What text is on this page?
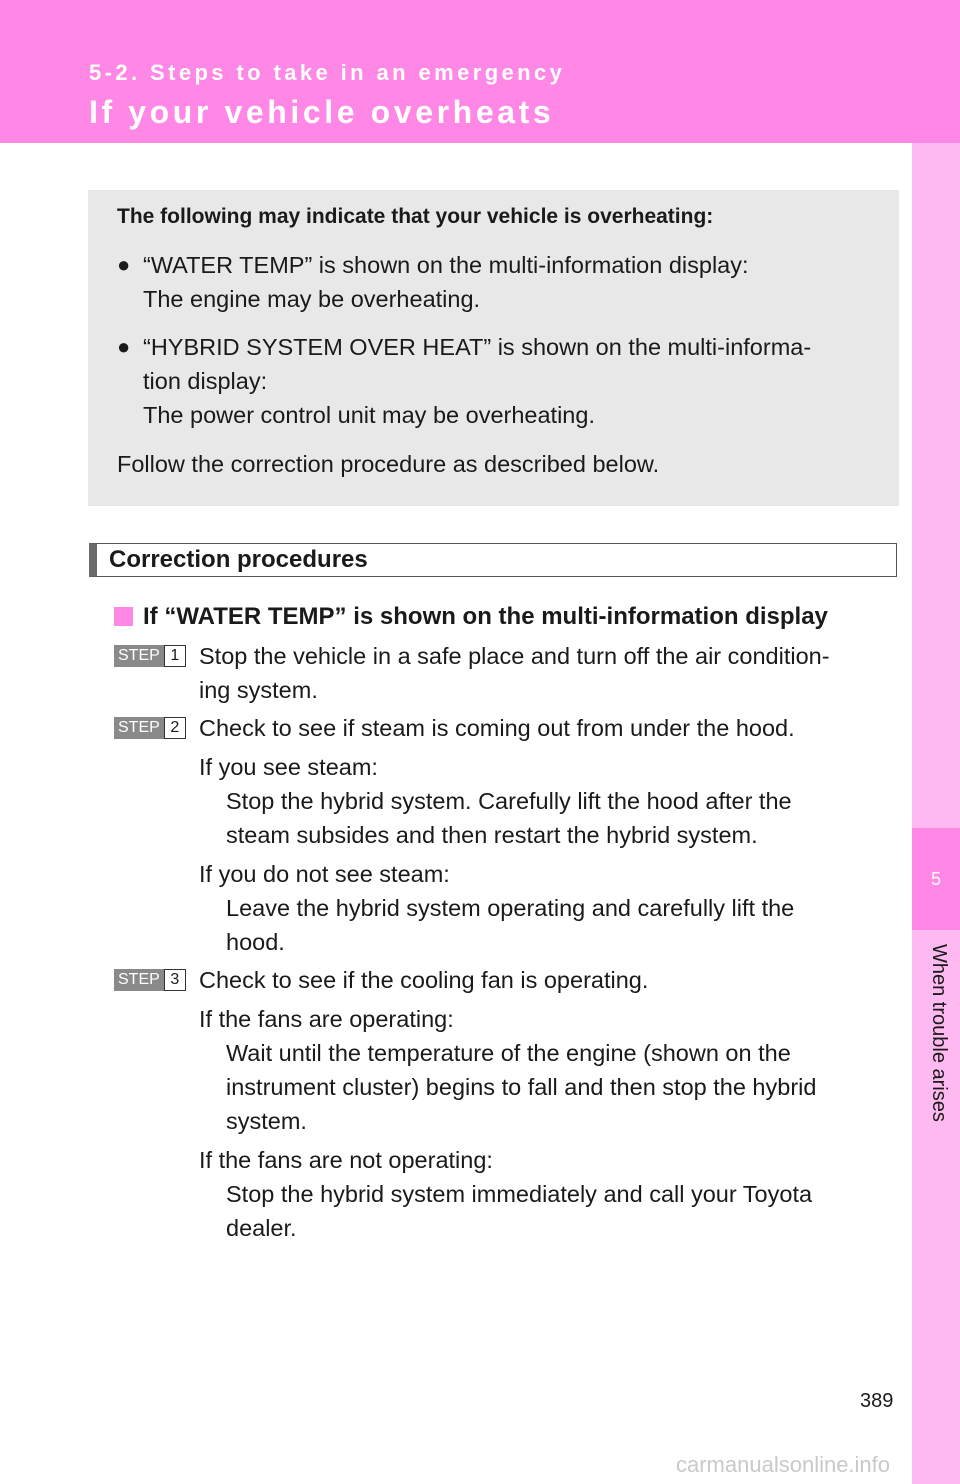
5-2. Steps to take in an emergency
If your vehicle overheats
5
When trouble arises
The following may indicate that your vehicle is overheating:
● “WATER TEMP” is shown on the multi-information display:
The engine may be overheating.
● “HYBRID SYSTEM OVER HEAT” is shown on the multi-informa-
tion display:
The power control unit may be overheating.
Follow the correction procedure as described below.
Correction procedures
If “WATER TEMP” is shown on the multi-information display
STEP 1 Stop the vehicle in a safe place and turn off the air condition-
ing system.
STEP 2 Check to see if steam is coming out from under the hood.
If you see steam:
Stop the hybrid system. Carefully lift the hood after the
steam subsides and then restart the hybrid system.
If you do not see steam:
Leave the hybrid system operating and carefully lift the
hood.
STEP 3 Check to see if the cooling fan is operating.
If the fans are operating:
Wait until the temperature of the engine (shown on the
instrument cluster) begins to fall and then stop the hybrid
system.
If the fans are not operating:
Stop the hybrid system immediately and call your Toyota
dealer.
389
carmanualsonline.info
